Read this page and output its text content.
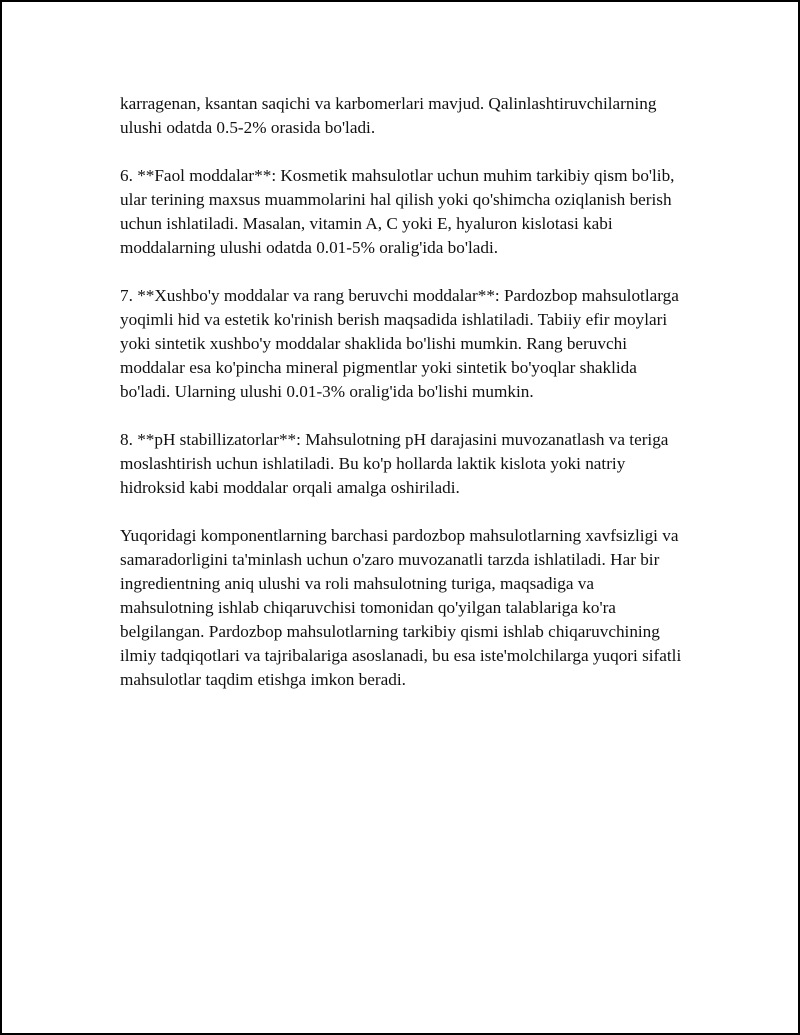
karragenan, ksantan saqichi va karbomerlari mavjud. Qalinlashtiruvchilarning ulushi odatda 0.5-2% orasida bo'ladi.

6. **Faol moddalar**: Kosmetik mahsulotlar uchun muhim tarkibiy qism bo'lib, ular terining maxsus muammolarini hal qilish yoki qo'shimcha oziqlanish berish uchun ishlatiladi. Masalan, vitamin A, C yoki E, hyaluron kislotasi kabi moddalarning ulushi odatda 0.01-5% oralig'ida bo'ladi.

7. **Xushbo'y moddalar va rang beruvchi moddalar**: Pardozbop mahsulotlarga yoqimli hid va estetik ko'rinish berish maqsadida ishlatiladi. Tabiiy efir moylari yoki sintetik xushbo'y moddalar shaklida bo'lishi mumkin. Rang beruvchi moddalar esa ko'pincha mineral pigmentlar yoki sintetik bo'yoqlar shaklida bo'ladi. Ularning ulushi 0.01-3% oralig'ida bo'lishi mumkin.

8. **pH stabillizatorlar**: Mahsulotning pH darajasini muvozanatlash va teriga moslashtirish uchun ishlatiladi. Bu ko'p hollarda laktik kislota yoki natriy hidroksid kabi moddalar orqali amalga oshiriladi.

Yuqoridagi komponentlarning barchasi pardozbop mahsulotlarning xavfsizligi va samaradorligini ta'minlash uchun o'zaro muvozanatli tarzda ishlatiladi. Har bir ingredientning aniq ulushi va roli mahsulotning turiga, maqsadiga va mahsulotning ishlab chiqaruvchisi tomonidan qo'yilgan talablariga ko'ra belgilangan. Pardozbop mahsulotlarning tarkibiy qismi ishlab chiqaruvchining ilmiy tadqiqotlari va tajribalariga asoslanadi, bu esa iste'molchilarga yuqori sifatli mahsulotlar taqdim etishga imkon beradi.
